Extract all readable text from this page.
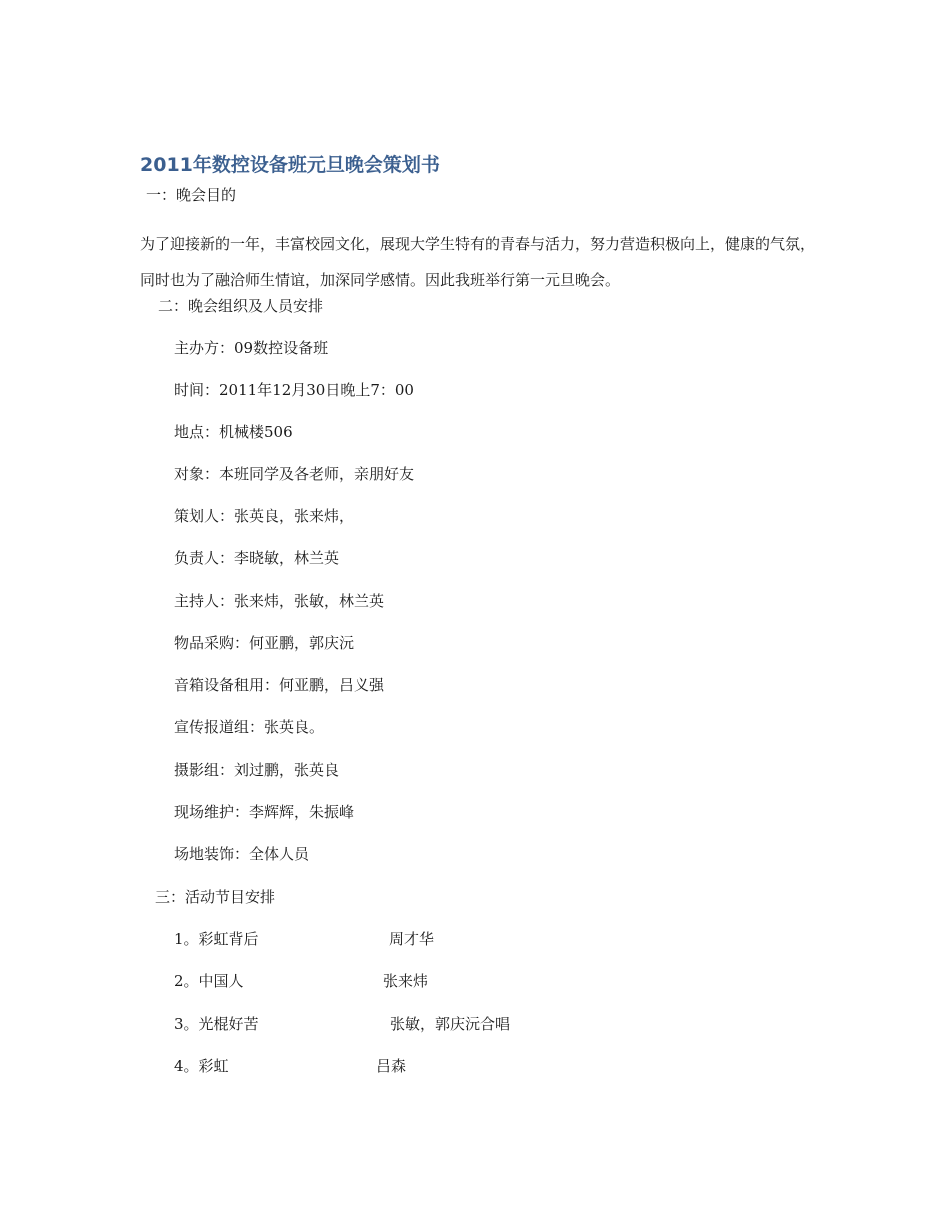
2011年数控设备班元旦晚会策划书

一：晚会目的

为了迎接新的一年，丰富校园文化，展现大学生特有的青春与活力，努力营造积极向上，健康的气氛，同时也为了融洽师生情谊，加深同学感情。因此我班举行第一元旦晚会。

二：晚会组织及人员安排

主办方：09数控设备班

时间：2011年12月30日晚上7：00

地点：机械楼506

对象：本班同学及各老师，亲朋好友

策划人：张英良，张来炜，

负责人：李晓敏，林兰英

主持人：张来炜，张敏，林兰英

物品采购：何亚鹏，郭庆沅

音箱设备租用：何亚鹏，吕义强

宣传报道组：张英良。

摄影组：刘过鹏，张英良

现场维护：李辉辉，朱振峰

场地装饰：全体人员

三：活动节目安排

1。彩虹背后	周才华
2。中国人	张来炜
3。光棍好苦	张敏，郭庆沅合唱
4。彩虹	吕森
